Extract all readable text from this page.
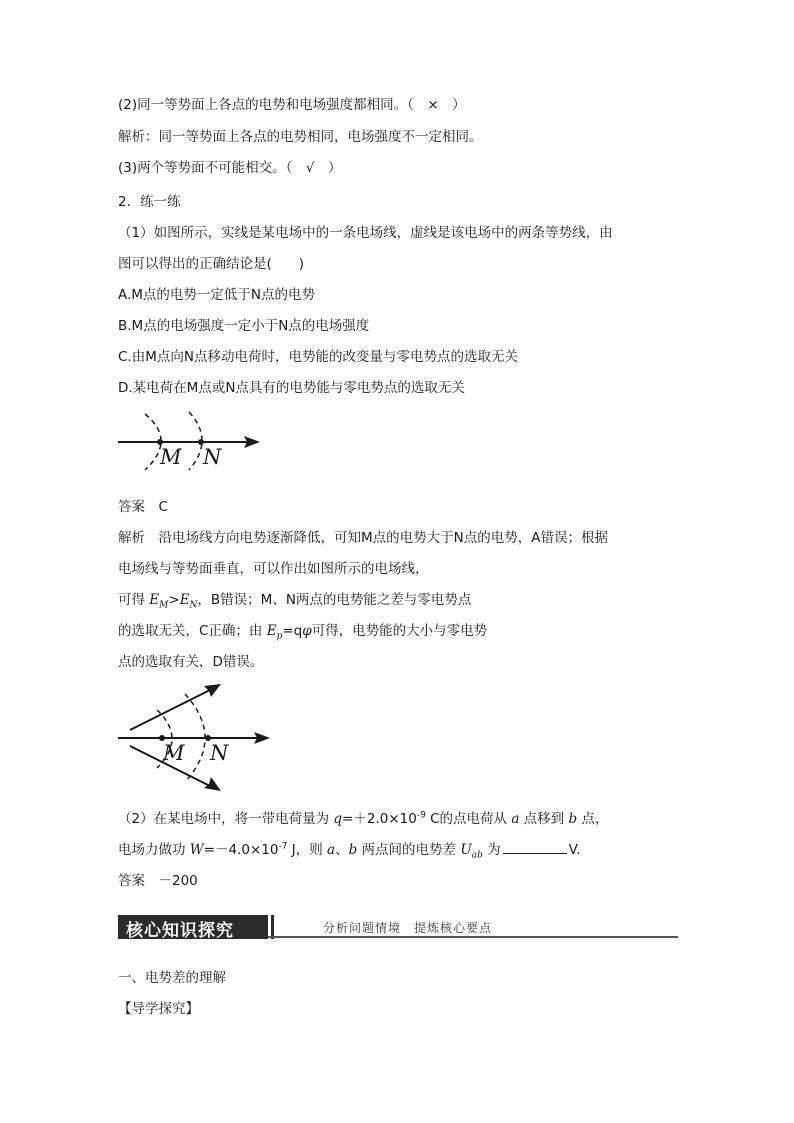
(2)同一等势面上各点的电势和电场强度都相同。（　×　）
解析：同一等势面上各点的电势相同，电场强度不一定相同。
(3)两个等势面不可能相交。（　√　）
2．练一练
（1）如图所示，实线是某电场中的一条电场线，虚线是该电场中的两条等势线，由
图可以得出的正确结论是(　　)
A.M点的电势一定低于N点的电势
B.M点的电场强度一定小于N点的电场强度
C.由M点向N点移动电荷时，电势能的改变量与零电势点的选取无关
D.某电荷在M点或N点具有的电势能与零电势点的选取无关
M N
答案　C
解析　沿电场线方向电势逐渐降低，可知M点的电势大于N点的电势，A错误；根据
电场线与等势面垂直，可以作出如图所示的电场线，
可得 $E_M>E_N$，B错误；M、N两点的电势能之差与零电势点
的选取无关，C正确；由 $E_p=q\varphi$可得，电势能的大小与零电势
点的选取有关，D错误。
M N
（2）在某电场中，将一带电荷量为 $q=+2.0\times 10^{-9}$ C的点电荷从 a 点移到 b 点，
电场力做功 $W=-4.0\times 10^{-7}$ J，则 a、b 两点间的电势差 $U_{ab}$ 为	V.
答案　－200
核心知识探究	分析问题情境　提炼核心要点
一、电势差的理解
【导学探究】
